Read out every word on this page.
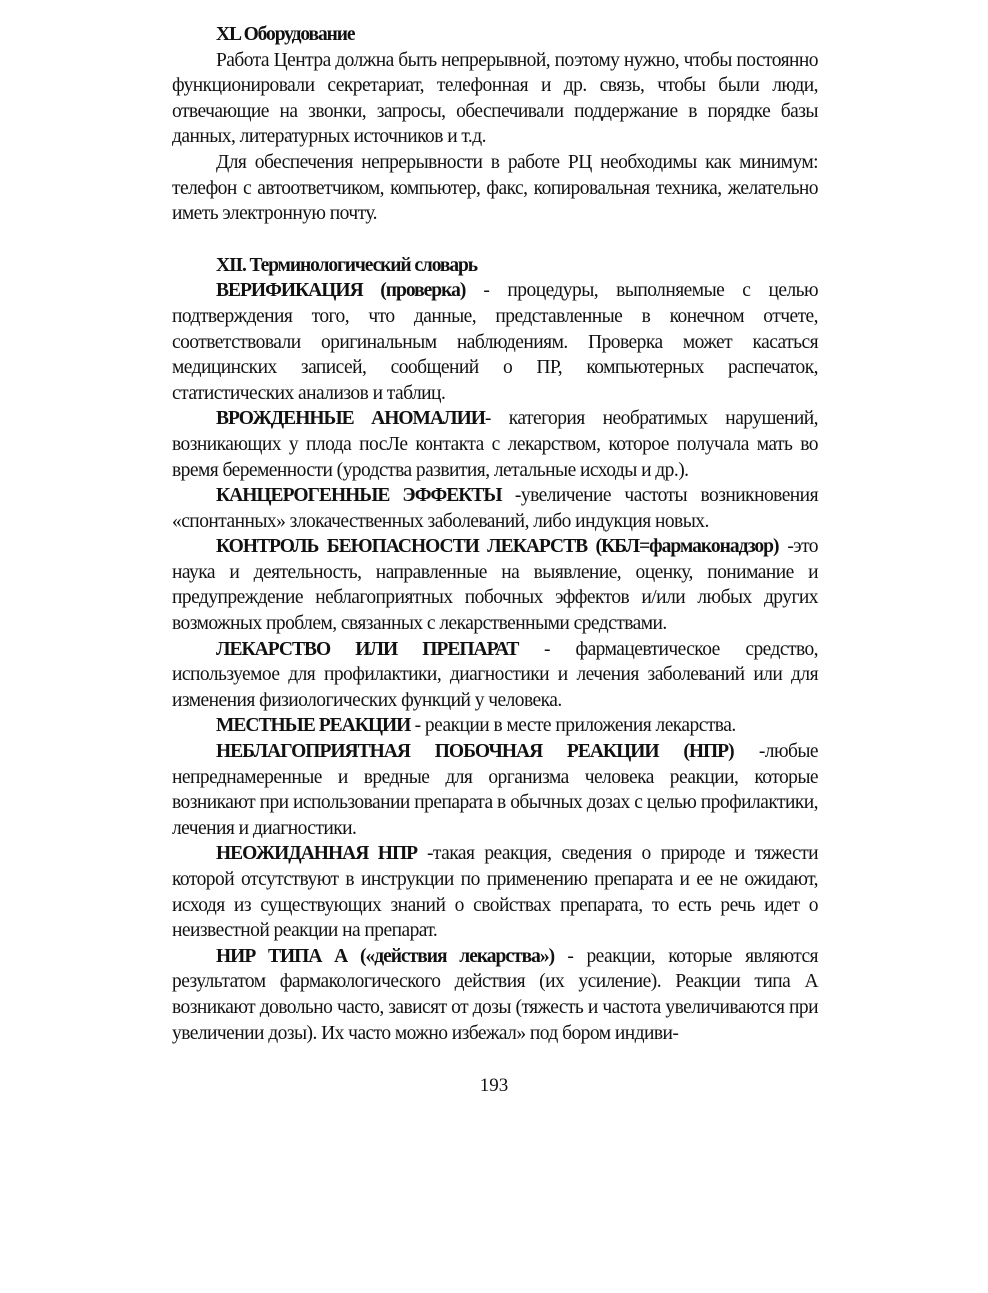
XL Оборудование

Работа Центра должна быть непрерывной, поэтому нужно, чтобы постоянно функционировали секретариат, телефонная и др. связь, чтобы были люди, отвечающие на звонки, запросы, обеспечивали поддержание в порядке базы данных, литературных источников и т.д.

Для обеспечения непрерывности в работе РЦ необходимы как минимум: телефон с автоответчиком, компьютер, факс, копировальная техника, желательно иметь электронную почту.

XII. Терминологический словарь

ВЕРИФИКАЦИЯ (проверка) - процедуры, выполняемые с целью подтверждения того, что данные, представленные в конечном отчете, соответствовали оригинальным наблюдениям. Проверка может касаться медицинских записей, сообщений о ПР, компьютерных распечаток, статистических анализов и таблиц.

ВРОЖДЕННЫЕ АНОМАЛИИ- категория необратимых нарушений, возникающих у плода посЛе контакта с лекарством, которое получала мать во время беременности (уродства развития, летальные исходы и др.).

КАНЦЕРОГЕННЫЕ ЭФФЕКТЫ -увеличение частоты возникновения «спонтанных» злокачественных заболеваний, либо индукция новых.

КОНТРОЛЬ БЕЮПАСНОСТИ ЛЕКАРСТВ (КБЛ=фармаконадзор) -это наука и деятельность, направленные на выявление, оценку, понимание и предупреждение неблагоприятных побочных эффектов и/или любых других возможных проблем, связанных с лекарственными средствами.

ЛЕКАРСТВО ИЛИ ПРЕПАРАТ - фармацевтическое средство, используемое для профилактики, диагностики и лечения заболеваний или для изменения физиологических функций у человека.

МЕСТНЫЕ РЕАКЦИИ - реакции в месте приложения лекарства.

НЕБЛАГОПРИЯТНАЯ ПОБОЧНАЯ РЕАКЦИИ (НПР) -любые непреднамеренные и вредные для организма человека реакции, которые возникают при использовании препарата в обычных дозах с целью профилактики, лечения и диагностики.

НЕОЖИДАННАЯ НПР -такая реакция, сведения о природе и тяжести которой отсутствуют в инструкции по применению препарата и ее не ожидают, исходя из существующих знаний о свойствах препарата, то есть речь идет о неизвестной реакции на препарат.

НИР ТИПА А («действия лекарства») - реакции, которые являются результатом фармакологического действия (их усиление). Реакции типа А возникают довольно часто, зависят от дозы (тяжесть и частота увеличиваются при увеличении дозы). Их часто можно избежал» под бором индиви-

193
